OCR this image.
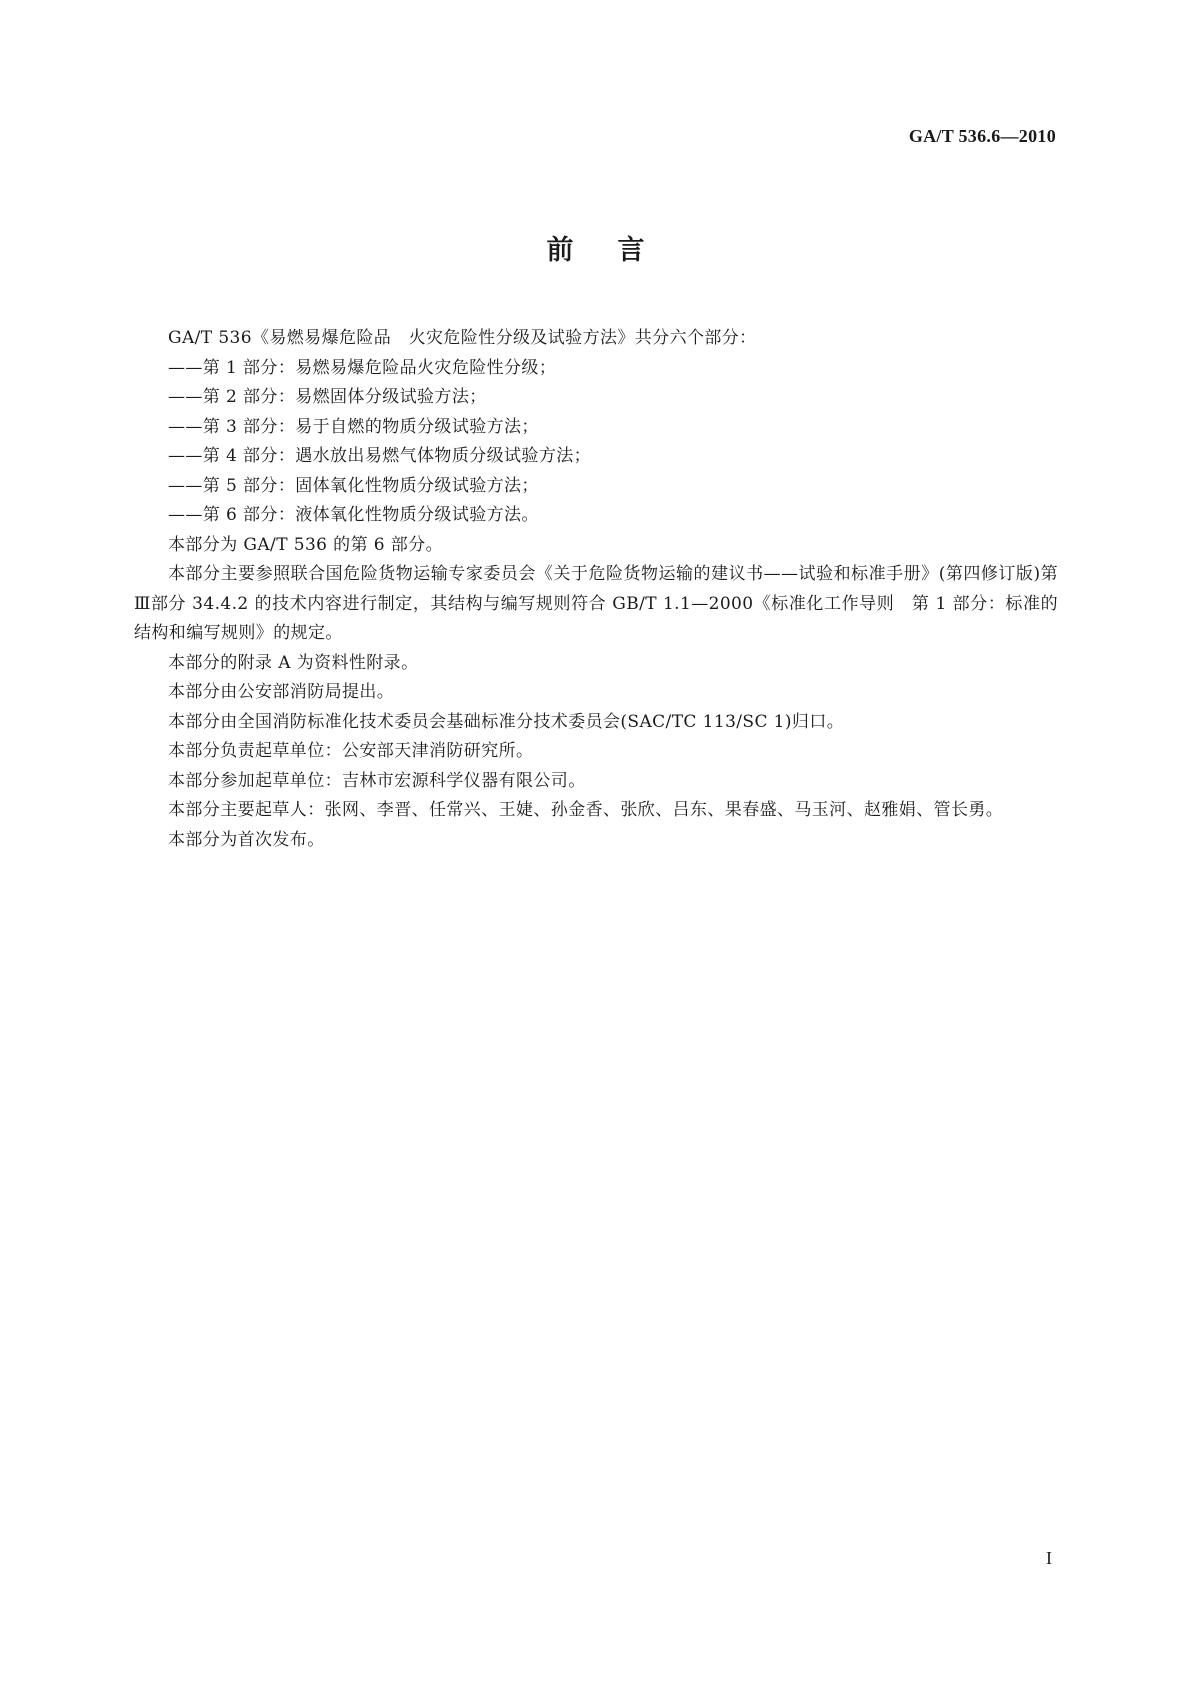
GA/T 536.6—2010
前言

GA/T 536《易燃易爆危险品　火灾危险性分级及试验方法》共分六个部分：

——第 1 部分：易燃易爆危险品火灾危险性分级；

——第 2 部分：易燃固体分级试验方法；

——第 3 部分：易于自燃的物质分级试验方法；

——第 4 部分：遇水放出易燃气体物质分级试验方法；

——第 5 部分：固体氧化性物质分级试验方法；

——第 6 部分：液体氧化性物质分级试验方法。

本部分为 GA/T 536 的第 6 部分。

本部分主要参照联合国危险货物运输专家委员会《关于危险货物运输的建议书——试验和标准手册》(第四修订版)第Ⅲ部分 34.4.2 的技术内容进行制定，其结构与编写规则符合 GB/T 1.1—2000《标准化工作导则　第 1 部分：标准的结构和编写规则》的规定。

本部分的附录 A 为资料性附录。

本部分由公安部消防局提出。

本部分由全国消防标准化技术委员会基础标准分技术委员会(SAC/TC 113/SC 1)归口。

本部分负责起草单位：公安部天津消防研究所。

本部分参加起草单位：吉林市宏源科学仪器有限公司。

本部分主要起草人：张网、李晋、任常兴、王婕、孙金香、张欣、吕东、果春盛、马玉河、赵雅娟、管长勇。

本部分为首次发布。

I
